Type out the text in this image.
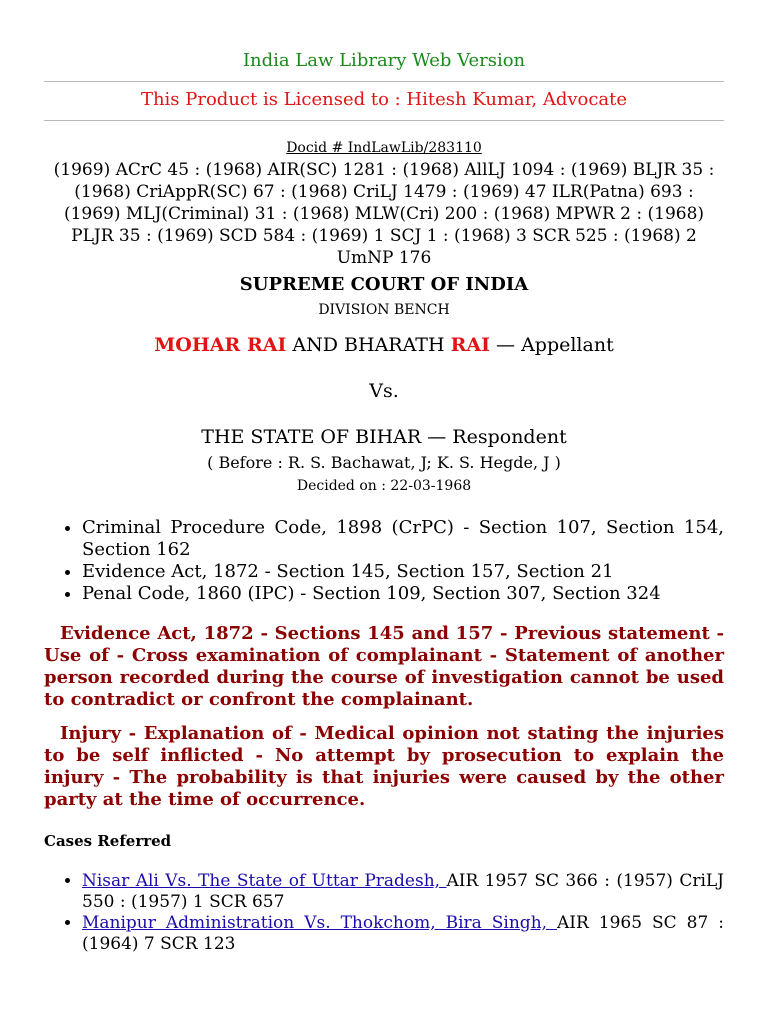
India Law Library Web Version
This Product is Licensed to : Hitesh Kumar, Advocate
Docid # IndLawLib/283110
(1969) ACrC 45 : (1968) AIR(SC) 1281 : (1968) AllLJ 1094 : (1969) BLJR 35 : (1968) CriAppR(SC) 67 : (1968) CriLJ 1479 : (1969) 47 ILR(Patna) 693 : (1969) MLJ(Criminal) 31 : (1968) MLW(Cri) 200 : (1968) MPWR 2 : (1968) PLJR 35 : (1969) SCD 584 : (1969) 1 SCJ 1 : (1968) 3 SCR 525 : (1968) 2 UmNP 176
SUPREME COURT OF INDIA
DIVISION BENCH
MOHAR RAI AND BHARATH RAI — Appellant
Vs.
THE STATE OF BIHAR — Respondent
( Before : R. S. Bachawat, J; K. S. Hegde, J )
Decided on : 22-03-1968
• Criminal Procedure Code, 1898 (CrPC) - Section 107, Section 154, Section 162
• Evidence Act, 1872 - Section 145, Section 157, Section 21
• Penal Code, 1860 (IPC) - Section 109, Section 307, Section 324
Evidence Act, 1872 - Sections 145 and 157 - Previous statement - Use of - Cross examination of complainant - Statement of another person recorded during the course of investigation cannot be used to contradict or confront the complainant.
Injury - Explanation of - Medical opinion not stating the injuries to be self inflicted - No attempt by prosecution to explain the injury - The probability is that injuries were caused by the other party at the time of occurrence.
Cases Referred
• Nisar Ali Vs. The State of Uttar Pradesh, AIR 1957 SC 366 : (1957) CriLJ 550 : (1957) 1 SCR 657
• Manipur Administration Vs. Thokchom, Bira Singh, AIR 1965 SC 87 : (1964) 7 SCR 123
